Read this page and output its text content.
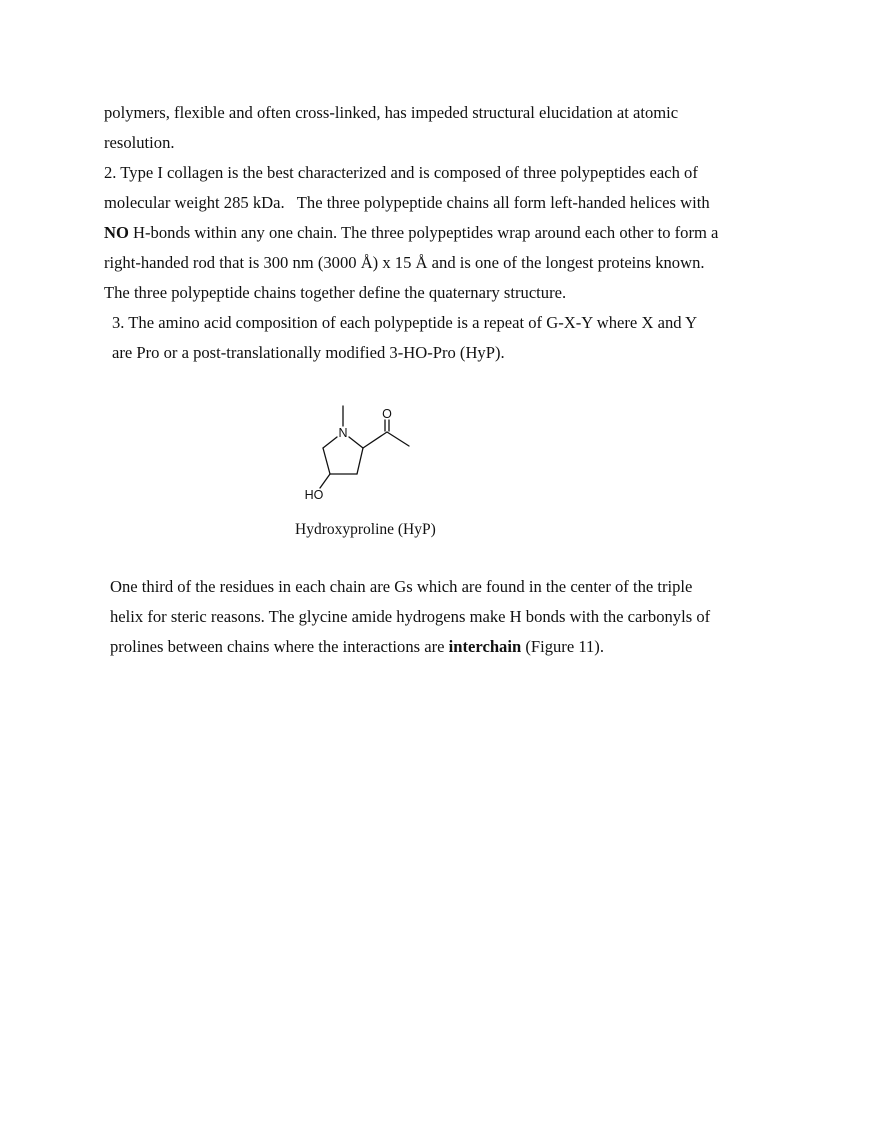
polymers, flexible and often cross-linked, has impeded structural elucidation at atomic
resolution.
2. Type I collagen is the best characterized and is composed of three polypeptides each of
molecular weight 285 kDa.   The three polypeptide chains all form left-handed helices with
NO H-bonds within any one chain. The three polypeptides wrap around each other to form a
right-handed rod that is 300 nm (3000 Å) x 15 Å and is one of the longest proteins known.
The three polypeptide chains together define the quaternary structure.
3. The amino acid composition of each polypeptide is a repeat of G-X-Y where X and Y
are Pro or a post-translationally modified 3-HO-Pro (HyP).
N
O
HO
Hydroxyproline (HyP)
One third of the residues in each chain are Gs which are found in the center of the triple
helix for steric reasons. The glycine amide hydrogens make H bonds with the carbonyls of
prolines between chains where the interactions are interchain (Figure 11).
